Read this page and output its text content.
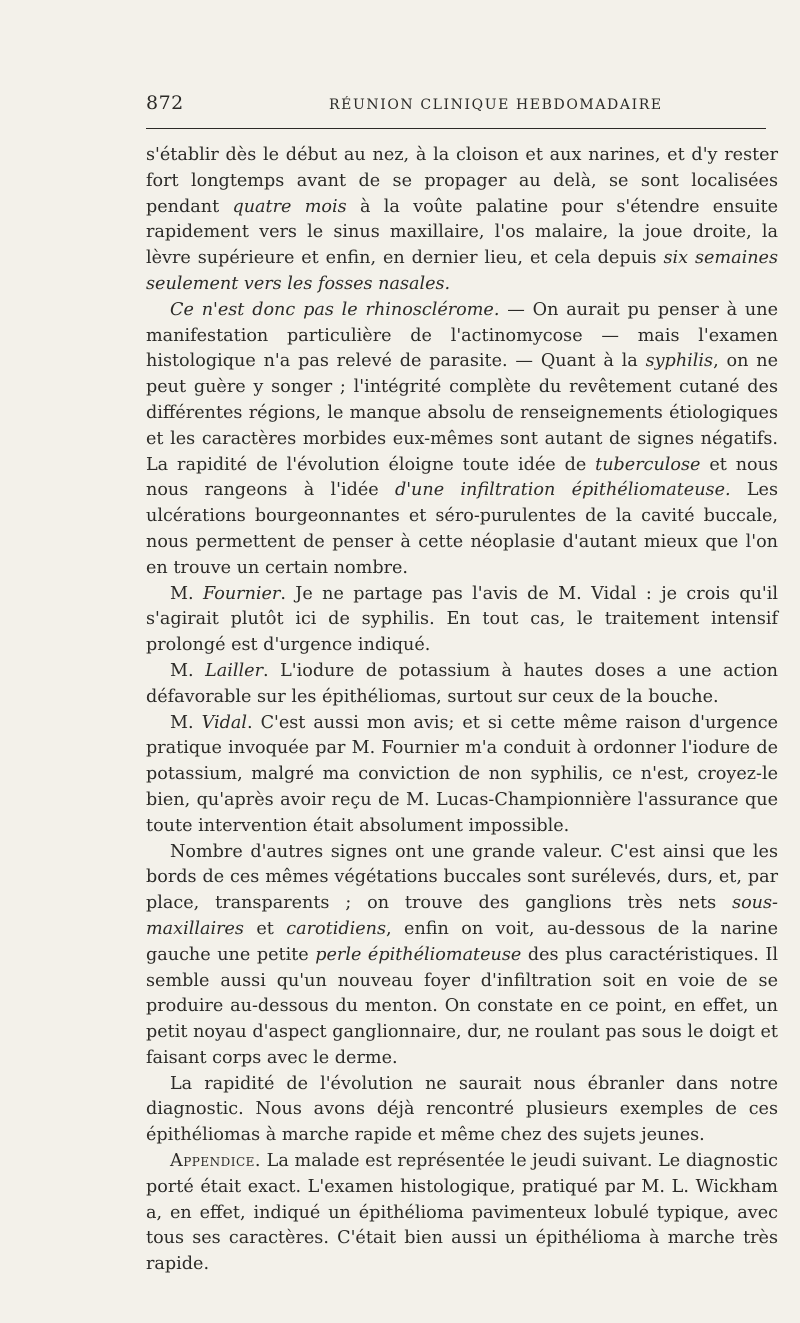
872	RÉUNION CLINIQUE HEBDOMADAIRE

s'établir dès le début au nez, à la cloison et aux narines, et d'y rester fort longtemps avant de se propager au delà, se sont localisées pendant quatre mois à la voûte palatine pour s'étendre ensuite rapidement vers le sinus maxillaire, l'os malaire, la joue droite, la lèvre supérieure et enfin, en dernier lieu, et cela depuis six semaines seulement vers les fosses nasales.

Ce n'est donc pas le rhinosclérome. — On aurait pu penser à une manifestation particulière de l'actinomycose — mais l'examen histologique n'a pas relevé de parasite. — Quant à la syphilis, on ne peut guère y songer ; l'intégrité complète du revêtement cutané des différentes régions, le manque absolu de renseignements étiologiques et les caractères morbides eux-mêmes sont autant de signes négatifs. La rapidité de l'évolution éloigne toute idée de tuberculose et nous nous rangeons à l'idée d'une infiltration épithéliomateuse. Les ulcérations bourgeonnantes et séro-purulentes de la cavité buccale, nous permettent de penser à cette néoplasie d'autant mieux que l'on en trouve un certain nombre.

M. Fournier. Je ne partage pas l'avis de M. Vidal : je crois qu'il s'agirait plutôt ici de syphilis. En tout cas, le traitement intensif prolongé est d'urgence indiqué.

M. Lailler. L'iodure de potassium à hautes doses a une action défavorable sur les épithéliomas, surtout sur ceux de la bouche.

M. Vidal. C'est aussi mon avis; et si cette même raison d'urgence pratique invoquée par M. Fournier m'a conduit à ordonner l'iodure de potassium, malgré ma conviction de non syphilis, ce n'est, croyez-le bien, qu'après avoir reçu de M. Lucas-Championnière l'assurance que toute intervention était absolument impossible.

Nombre d'autres signes ont une grande valeur. C'est ainsi que les bords de ces mêmes végétations buccales sont surélevés, durs, et, par place, transparents ; on trouve des ganglions très nets sous-maxillaires et carotidiens, enfin on voit, au-dessous de la narine gauche une petite perle épithéliomateuse des plus caractéristiques. Il semble aussi qu'un nouveau foyer d'infiltration soit en voie de se produire au-dessous du menton. On constate en ce point, en effet, un petit noyau d'aspect ganglionnaire, dur, ne roulant pas sous le doigt et faisant corps avec le derme.

La rapidité de l'évolution ne saurait nous ébranler dans notre diagnostic. Nous avons déjà rencontré plusieurs exemples de ces épithéliomas à marche rapide et même chez des sujets jeunes.

Appendice. La malade est représentée le jeudi suivant. Le diagnostic porté était exact. L'examen histologique, pratiqué par M. L. Wickham a, en effet, indiqué un épithélioma pavimenteux lobulé typique, avec tous ses caractères. C'était bien aussi un épithélioma à marche très rapide.
